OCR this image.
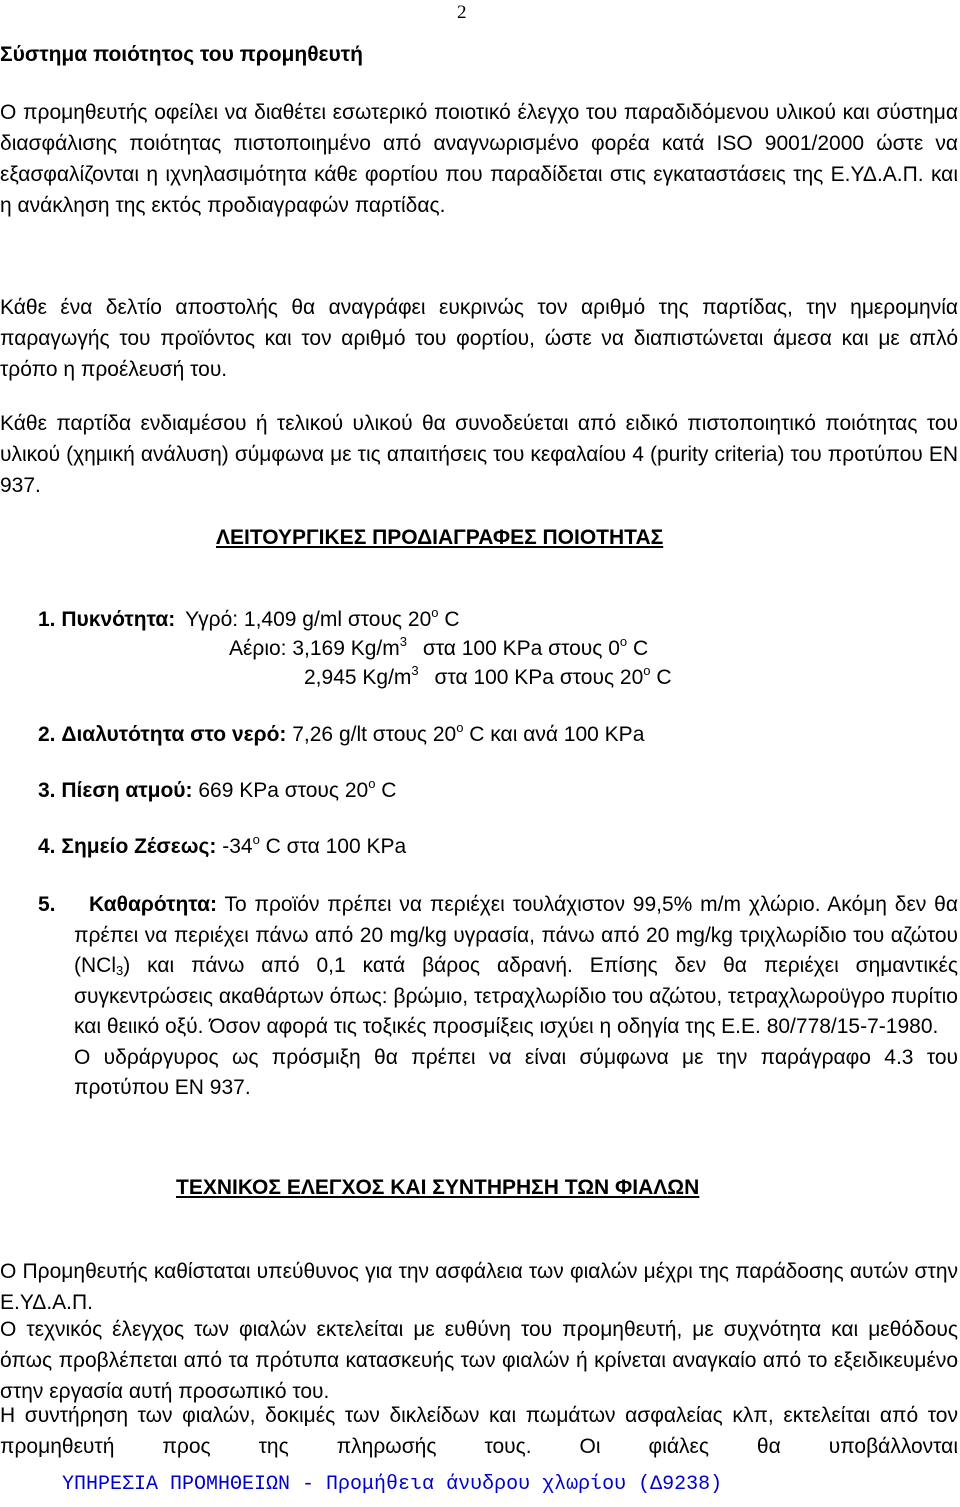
2
Σύστημα ποιότητος του προμηθευτή
Ο προμηθευτής οφείλει να διαθέτει εσωτερικό ποιοτικό έλεγχο του παραδιδόμενου υλικού και σύστημα διασφάλισης ποιότητας πιστοποιημένο από αναγνωρισμένο φορέα κατά ISO 9001/2000 ώστε να εξασφαλίζονται η ιχνηλασιμότητα κάθε φορτίου που παραδίδεται στις εγκαταστάσεις της Ε.ΥΔ.Α.Π. και η ανάκληση της εκτός προδιαγραφών παρτίδας.
Κάθε ένα δελτίο αποστολής θα αναγράφει ευκρινώς τον αριθμό της παρτίδας, την ημερομηνία παραγωγής του προϊόντος και τον αριθμό του φορτίου, ώστε να διαπιστώνεται άμεσα και με απλό τρόπο η προέλευσή του.
Κάθε παρτίδα ενδιαμέσου ή τελικού υλικού θα συνοδεύεται από ειδικό πιστοποιητικό ποιότητας του υλικού (χημική ανάλυση) σύμφωνα με τις απαιτήσεις του κεφαλαίου 4 (purity criteria) του προτύπου ΕΝ 937.
ΛΕΙΤΟΥΡΓΙΚΕΣ ΠΡΟΔΙΑΓΡΑΦΕΣ ΠΟΙΟΤΗΤΑΣ
1. Πυκνότητα: Υγρό: 1,409 g/ml στους 20$^o$ C
Αέριο: 3,169 $Kg/m^3$ στα 100 KPa στους 0$^o$ C
2,945 $Kg/m^3$ στα 100 KPa στους 20$^o$ C
2. Διαλυτότητα στο νερό: 7,26 g/lt στους 20$^o$ C και ανά 100 KPa
3. Πίεση ατμού: 669 KPa στους 20$^o$ C
4. Σημείο Ζέσεως: -34$^o$ C στα 100 KPa
5.	Καθαρότητα: Το προϊόν πρέπει να περιέχει τουλάχιστον 99,5% m/m χλώριο. Ακόμη δεν θα πρέπει να περιέχει πάνω από 20 mg/kg υγρασία, πάνω από 20 mg/kg τριχλωρίδιο του αζώτου (NCl$_3$) και πάνω από 0,1 κατά βάρος αδρανή. Επίσης δεν θα περιέχει σημαντικές συγκεντρώσεις ακαθάρτων όπως: βρώμιο, τετραχλωρίδιο του αζώτου, τετραχλωροϋγρο πυρίτιο και θειικό οξύ. Όσον αφορά τις τοξικές προσμίξεις ισχύει η οδηγία της Ε.Ε. 80/778/15-7-1980.
Ο υδράργυρος ως πρόσμιξη θα πρέπει να είναι σύμφωνα με την παράγραφο 4.3 του προτύπου ΕΝ 937.
ΤΕΧΝΙΚΟΣ ΕΛΕΓΧΟΣ ΚΑΙ ΣΥΝΤΗΡΗΣΗ ΤΩΝ ΦΙΑΛΩΝ
Ο Προμηθευτής καθίσταται υπεύθυνος για την ασφάλεια των φιαλών μέχρι της παράδοσης αυτών στην Ε.ΥΔ.Α.Π.
Ο τεχνικός έλεγχος των φιαλών εκτελείται με ευθύνη του προμηθευτή, με συχνότητα και μεθόδους όπως προβλέπεται από τα πρότυπα κατασκευής των φιαλών ή κρίνεται αναγκαίο από το εξειδικευμένο στην εργασία αυτή προσωπικό του.
Η συντήρηση των φιαλών, δοκιμές των δικλείδων και πωμάτων ασφαλείας κλπ, εκτελείται από τον προμηθευτή προς της πληρωσής τους. Οι φιάλες θα υποβάλλονται
ΥΠΗΡΕΣΙΑ ΠΡΟΜΗΘΕΙΩΝ - Προμήθεια άνυδρου χλωρίου (Δ9238)
